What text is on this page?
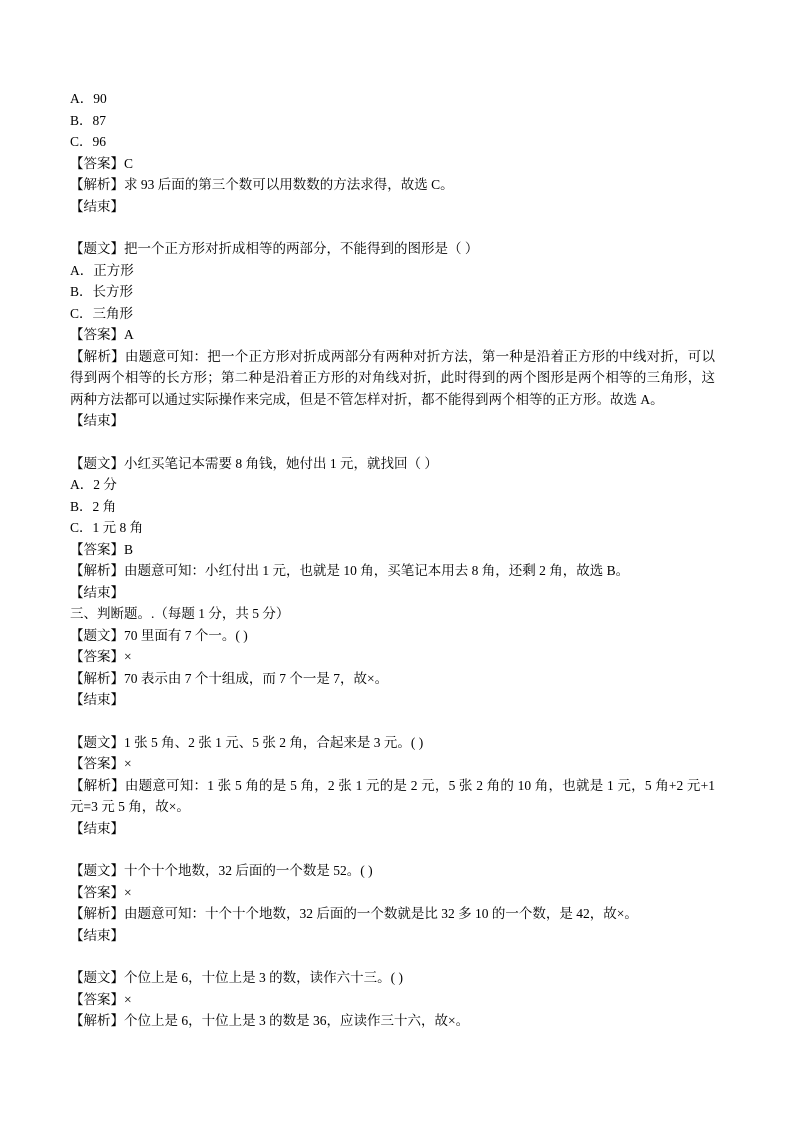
A．90

B．87

C．96

【答案】C

【解析】求 93 后面的第三个数可以用数数的方法求得，故选 C。

【结束】

【题文】把一个正方形对折成相等的两部分，不能得到的图形是（ ）

A．正方形

B．长方形

C．三角形

【答案】A

【解析】由题意可知：把一个正方形对折成两部分有两种对折方法，第一种是沿着正方形的中线对折，可以得到两个相等的长方形；第二种是沿着正方形的对角线对折，此时得到的两个图形是两个相等的三角形，这两种方法都可以通过实际操作来完成，但是不管怎样对折，都不能得到两个相等的正方形。故选 A。

【结束】

【题文】小红买笔记本需要 8 角钱，她付出 1 元，就找回（ ）

A．2 分

B．2 角

C．1 元 8 角

【答案】B

【解析】由题意可知：小红付出 1 元，也就是 10 角，买笔记本用去 8 角，还剩 2 角，故选 B。

【结束】

三、判断题。.（每题 1 分，共 5 分）

【题文】70 里面有 7 个一。( )

【答案】×

【解析】70 表示由 7 个十组成，而 7 个一是 7，故×。

【结束】

【题文】1 张 5 角、2 张 1 元、5 张 2 角，合起来是 3 元。( )

【答案】×

【解析】由题意可知：1 张 5 角的是 5 角，2 张 1 元的是 2 元，5 张 2 角的 10 角，也就是 1 元，5 角+2 元+1 元=3 元 5 角，故×。

【结束】

【题文】十个十个地数，32 后面的一个数是 52。( )

【答案】×

【解析】由题意可知：十个十个地数，32 后面的一个数就是比 32 多 10 的一个数，是 42，故×。

【结束】

【题文】个位上是 6，十位上是 3 的数，读作六十三。( )

【答案】×

【解析】个位上是 6，十位上是 3 的数是 36，应读作三十六，故×。
